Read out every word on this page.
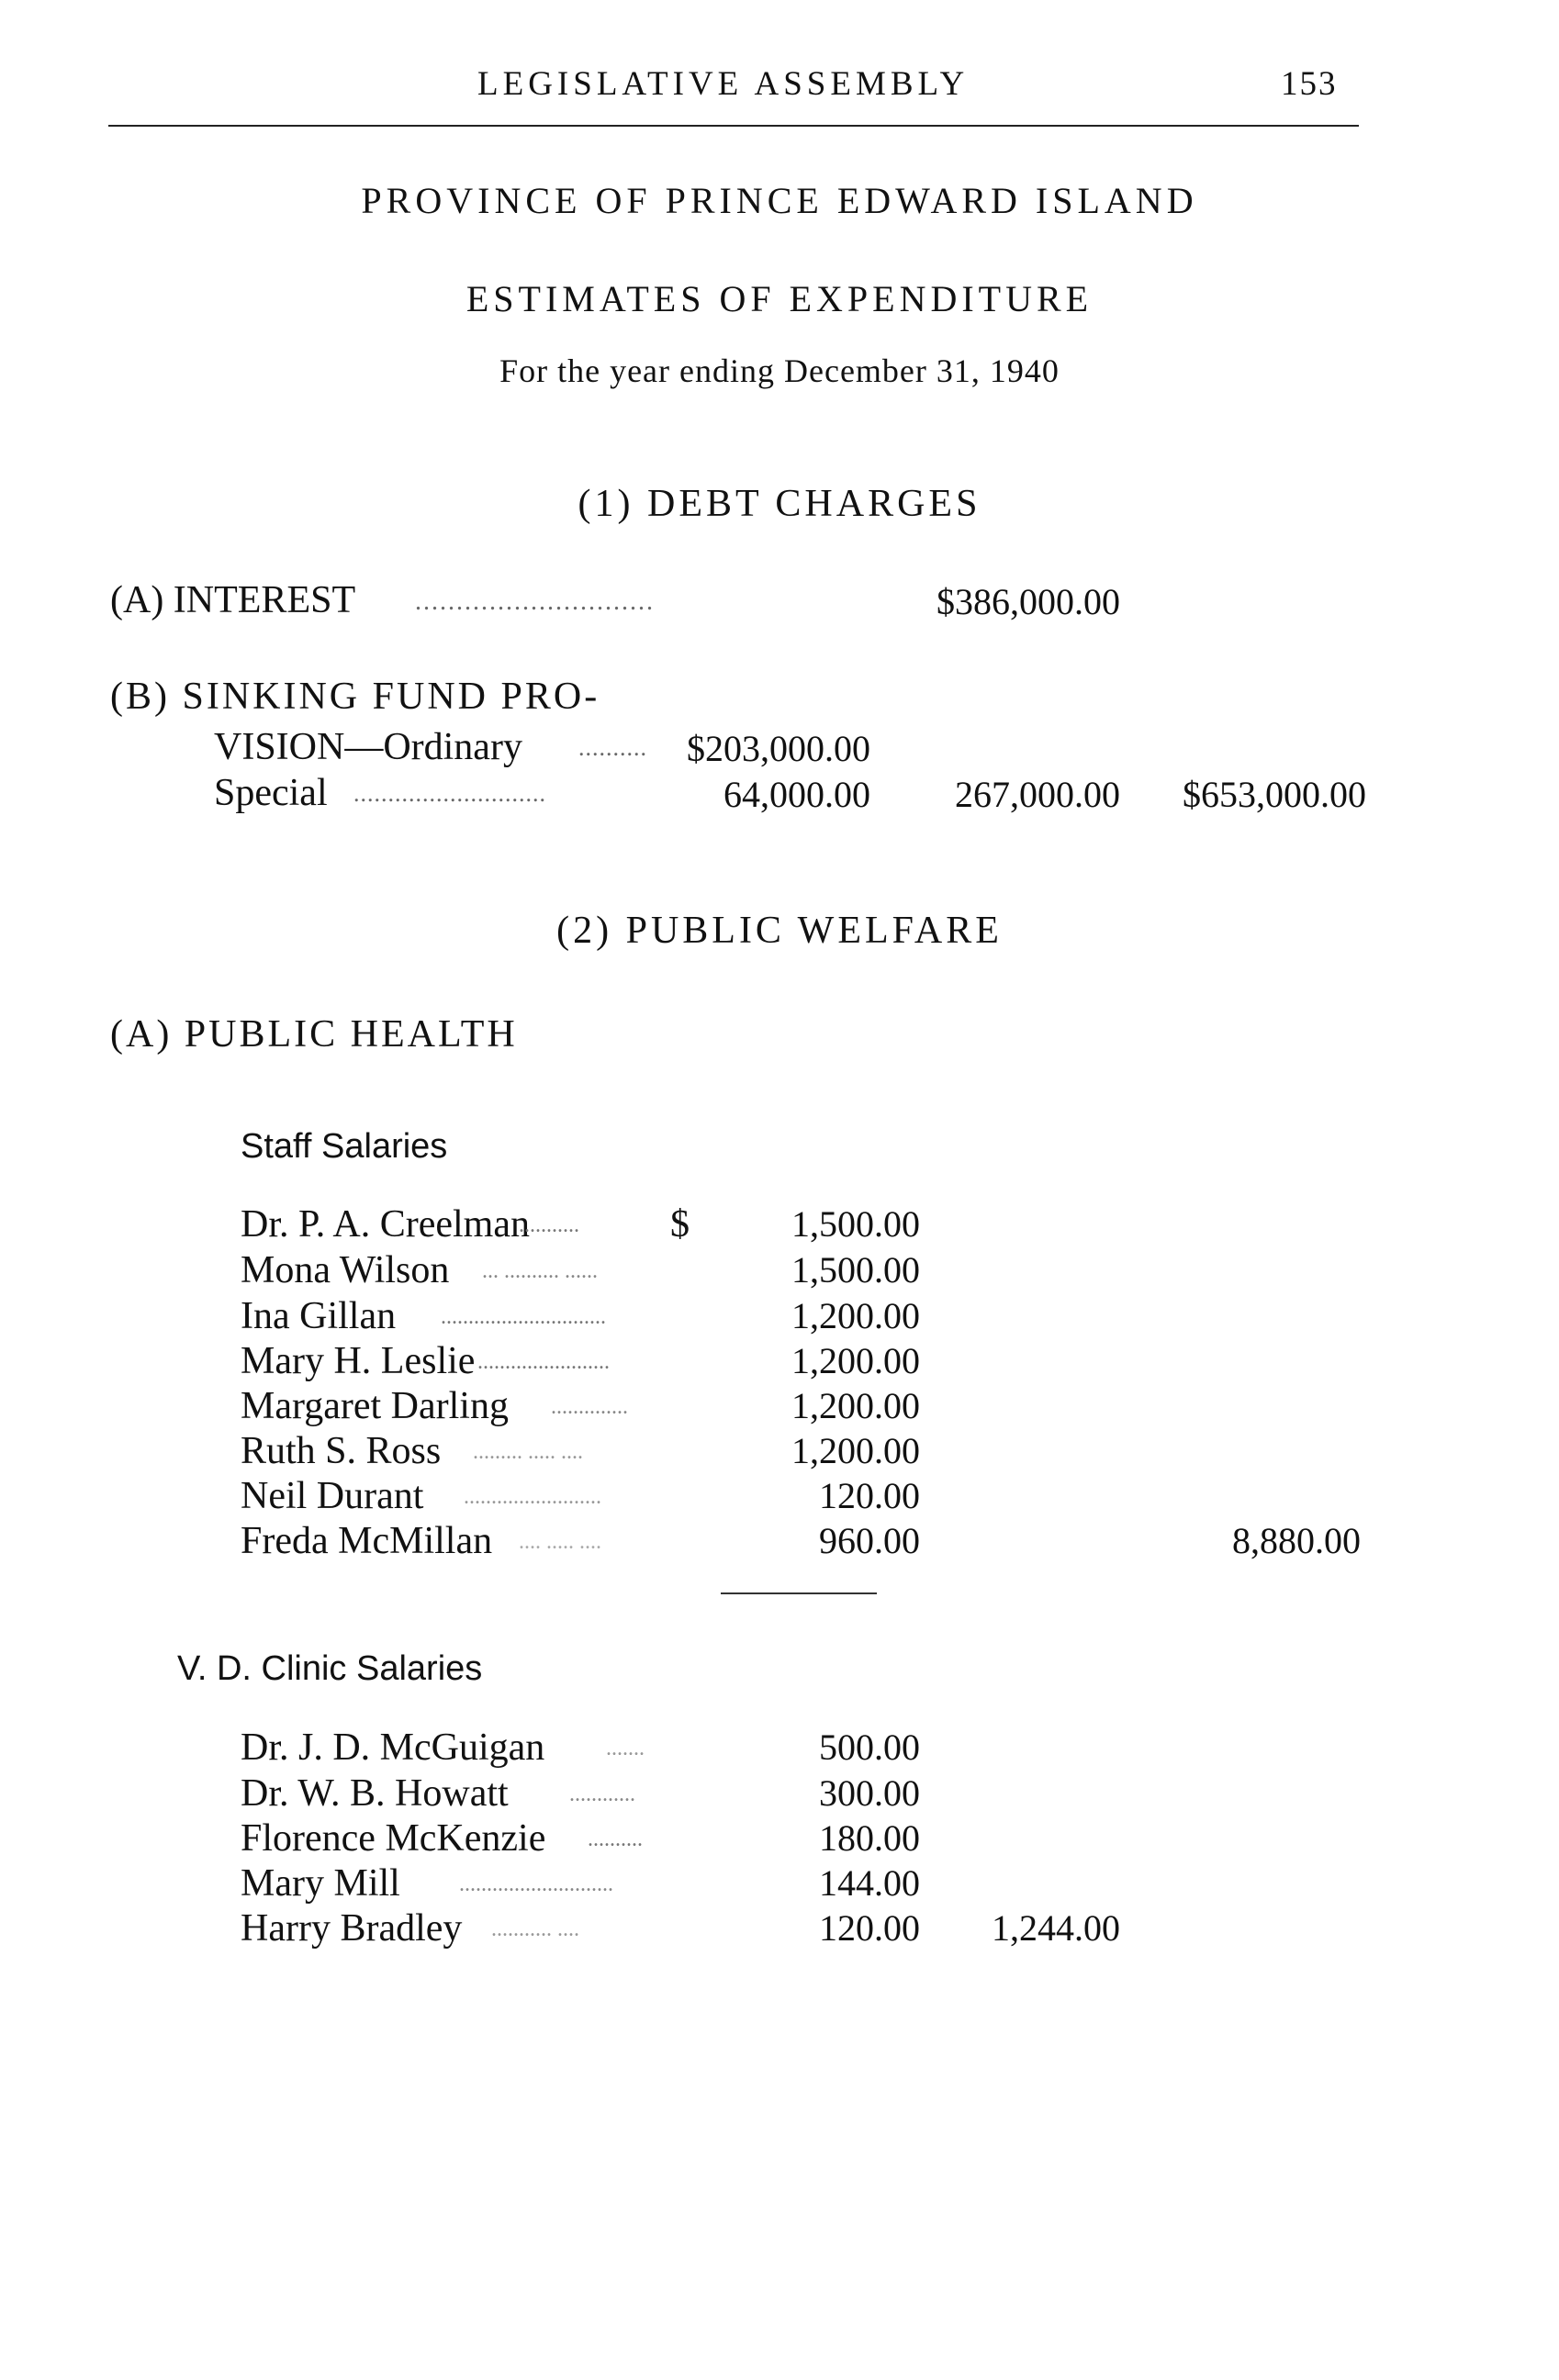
LEGISLATIVE ASSEMBLY	153
PROVINCE OF PRINCE EDWARD ISLAND
ESTIMATES OF EXPENDITURE
For the year ending December 31, 1940
(1) DEBT CHARGES
(A) INTEREST .............................	$386,000.00
(B) SINKING FUND PRO-
VISION—Ordinary ..........	$203,000.00
Special ............................	64,000.00	267,000.00	$653,000.00
(2) PUBLIC WELFARE
(A) PUBLIC HEALTH
Staff Salaries
Dr. P. A. Creelman	$	1,500.00
Mona Wilson	1,500.00
Ina Gillan	1,200.00
Mary H. Leslie	1,200.00
Margaret Darling	1,200.00
Ruth S. Ross	1,200.00
Neil Durant	120.00
Freda McMillan	960.00	8,880.00
...........
... .......... ......
..............................
........................
..............
......... ..... ....
.........................
.... ..... ....
V. D. Clinic Salaries
Dr. J. D. McGuigan	500.00
Dr. W. B. Howatt	300.00
Florence McKenzie	180.00
Mary Mill	144.00
Harry Bradley	120.00	1,244.00
.......
............
..........
............................
........... ....
